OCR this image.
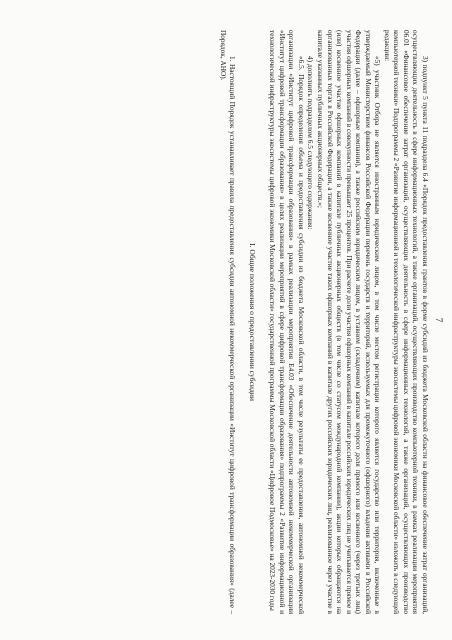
7

3) подпункт 5 пункта 11 подраздела 6.4 «Порядок предоставления грантов в форме субсидий из бюджета Московской области на финансовое обеспечение затрат организаций, осуществляющих деятельность в сфере информационных технологий, а также организаций, осуществляющих производство компьютерной техники, в рамках реализации мероприятия 06.01 «Финансовое обеспечение затрат организаций, осуществляющих деятельность в сфере информационных технологий, а также организаций, осуществляющих производство компьютерной техники» Подпрограммы 2 «Развитие информационной и технологической инфраструктуры экосистемы цифровой экономики Московской области» изложить в следующей редакции:

«5) участник Отбора не является иностранным юридическим лицом, в том числе местом регистрации которого является государство или территория, включенные в утверждаемый Министерством финансов Российской Федерации перечень государств и территорий, используемых для промежуточного (офшорного) владения активами в Российской Федерации (далее – офшорные компании), а также российским юридическим лицом, в уставном (складочном) капитале которого доля прямого или косвенного (через третьих лиц) участия офшорных компаний в совокупности превышает 25 процентов. При расчете доли участия офшорных компаний в капитале российских юридических лиц не учитывается прямое и (или) косвенное участие офшорных компаний в капитале публичных акционерных обществ (в том числе со статусом международной компании), акции которых обращаются на организованных торгах в Российской Федерации, а также косвенное участие таких офшорных компаний в капитале других российских юридических лиц, реализованное через участие в капитале указанных публичных акционерных обществ.»;

4) дополнить подразделом 6.5 следующего содержания:

«6.5. Порядок определения объема и предоставления субсидии из бюджета Московской области, в том числе результаты ее предоставления, автономной некоммерческой организации «Институт цифровой трансформации образования» в рамках реализации мероприятия Е4.03 «Обеспечение деятельности автономной некоммерческой организации «Институт цифровой трансформации образования» в целях реализации мероприятий в сфере цифровой трансформации образования» подпрограммы 2 «Развитие информационной и технологической инфраструктуры экосистемы цифровой экономики Московской области» государственной программы Московской области «Цифровое Подмосковье» на 2023-2030 годы

I. Общие положения о предоставлении субсидии

1. Настоящий Порядок устанавливает правила предоставления субсидии автономной некоммерческой организации «Институт цифровой трансформации образования» (далее – Порядок, АНО).
